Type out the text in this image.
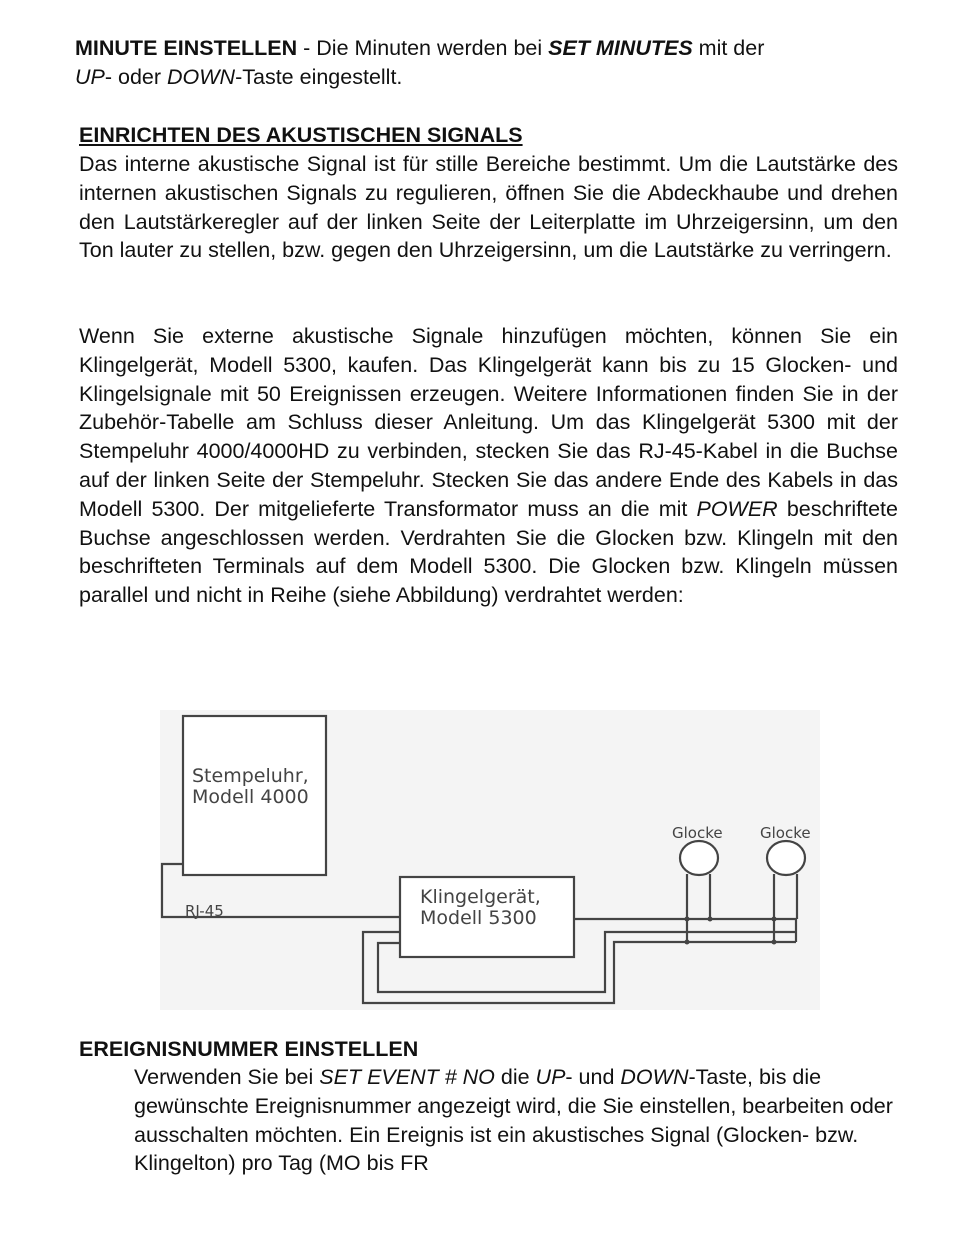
MINUTE EINSTELLEN - Die Minuten werden bei SET MINUTES mit der
UP- oder DOWN-Taste eingestellt.

EINRICHTEN DES AKUSTISCHEN SIGNALS

Das interne akustische Signal ist für stille Bereiche bestimmt. Um die Lautstärke des internen akustischen Signals zu regulieren, öffnen Sie die Abdeckhaube und drehen den Lautstärkeregler auf der linken Seite der Leiterplatte im Uhrzeigersinn, um den Ton lauter zu stellen, bzw. gegen den Uhrzeigersinn, um die Lautstärke zu verringern.

Wenn Sie externe akustische Signale hinzufügen möchten, können Sie ein Klingelgerät, Modell 5300, kaufen. Das Klingelgerät kann bis zu 15 Glocken- und Klingelsignale mit 50 Ereignissen erzeugen. Weitere Informationen finden Sie in der Zubehör-Tabelle am Schluss dieser Anleitung. Um das Klingelgerät 5300 mit der Stempeluhr 4000/4000HD zu verbinden, stecken Sie das RJ-45-Kabel in die Buchse auf der linken Seite der Stempeluhr. Stecken Sie das andere Ende des Kabels in das Modell 5300. Der mitgelieferte Transformator muss an die mit POWER beschriftete Buchse angeschlossen werden. Verdrahten Sie die Glocken bzw. Klingeln mit den beschrifteten Terminals auf dem Modell 5300. Die Glocken bzw. Klingeln müssen parallel und nicht in Reihe (siehe Abbildung) verdrahtet werden:

Stempeluhr,
Modell 4000
RJ-45
Klingelgerät,
Modell 5300
Glocke Glocke

EREIGNISNUMMER EINSTELLEN

Verwenden Sie bei SET EVENT # NO die UP- und DOWN-Taste, bis die gewünschte Ereignisnummer angezeigt wird, die Sie einstellen, bearbeiten oder ausschalten möchten. Ein Ereignis ist ein akustisches Signal (Glocken- bzw. Klingelton) pro Tag (MO bis FR
